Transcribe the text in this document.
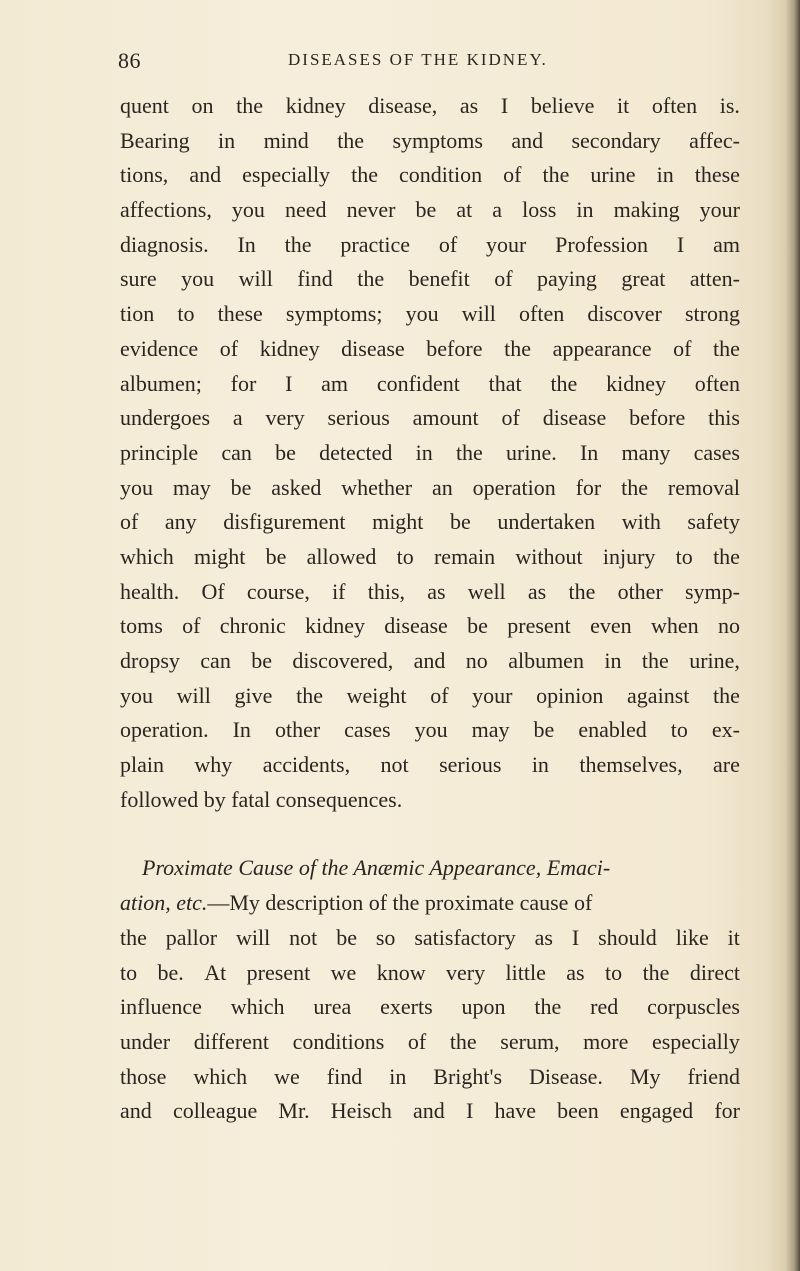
86	DISEASES OF THE KIDNEY.
quent on the kidney disease, as I believe it often is.
Bearing in mind the symptoms and secondary affec-
tions, and especially the condition of the urine in these
affections, you need never be at a loss in making your
diagnosis. In the practice of your Profession I am
sure you will find the benefit of paying great atten-
tion to these symptoms; you will often discover strong
evidence of kidney disease before the appearance of the
albumen; for I am confident that the kidney often
undergoes a very serious amount of disease before this
principle can be detected in the urine. In many cases
you may be asked whether an operation for the removal
of any disfigurement might be undertaken with safety
which might be allowed to remain without injury to the
health. Of course, if this, as well as the other symp-
toms of chronic kidney disease be present even when no
dropsy can be discovered, and no albumen in the urine,
you will give the weight of your opinion against the
operation. In other cases you may be enabled to ex-
plain why accidents, not serious in themselves, are
followed by fatal consequences.
Proximate Cause of the Anæmic Appearance, Emaci-
ation, etc. —My description of the proximate cause of
the pallor will not be so satisfactory as I should like it
to be. At present we know very little as to the direct
influence which urea exerts upon the red corpuscles
under different conditions of the serum, more especially
those which we find in Bright's Disease. My friend
and colleague Mr. Heisch and I have been engaged for
